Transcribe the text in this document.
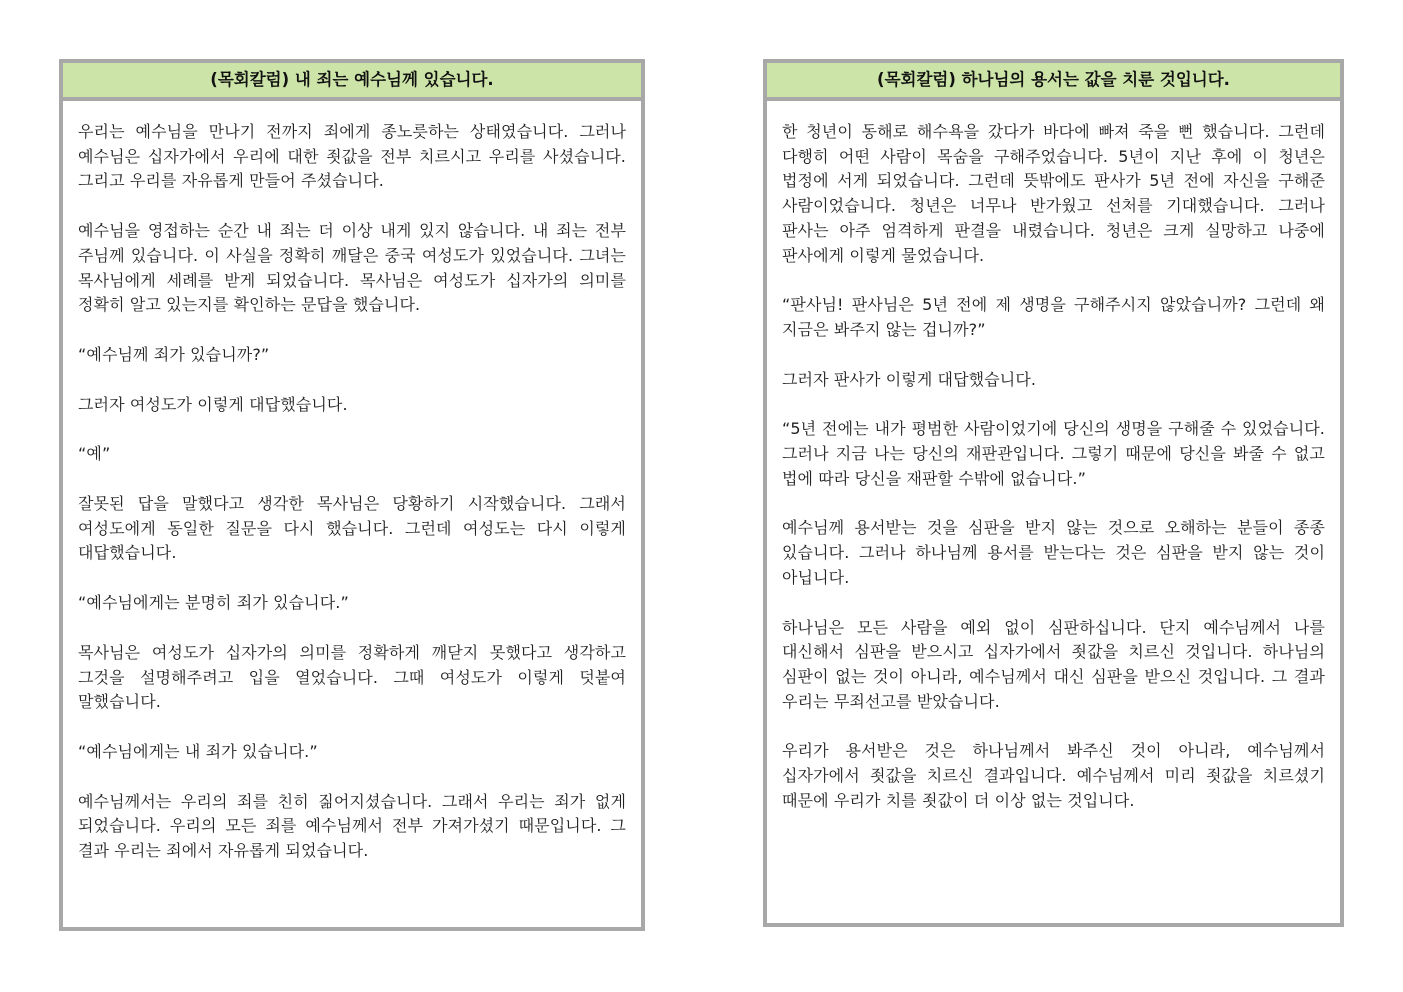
(목회칼럼) 내 죄는 예수님께 있습니다.

우리는 예수님을 만나기 전까지 죄에게 종노릇하는 상태였습니다. 그러나 예수님은 십자가에서 우리에 대한 죗값을 전부 치르시고 우리를 사셨습니다. 그리고 우리를 자유롭게 만들어 주셨습니다.

예수님을 영접하는 순간 내 죄는 더 이상 내게 있지 않습니다. 내 죄는 전부 주님께 있습니다. 이 사실을 정확히 깨달은 중국 여성도가 있었습니다. 그녀는 목사님에게 세례를 받게 되었습니다. 목사님은 여성도가 십자가의 의미를 정확히 알고 있는지를 확인하는 문답을 했습니다.

“예수님께 죄가 있습니까?”

그러자 여성도가 이렇게 대답했습니다.

“예”

잘못된 답을 말했다고 생각한 목사님은 당황하기 시작했습니다. 그래서 여성도에게 동일한 질문을 다시 했습니다. 그런데 여성도는 다시 이렇게 대답했습니다.

“예수님에게는 분명히 죄가 있습니다.”

목사님은 여성도가 십자가의 의미를 정확하게 깨닫지 못했다고 생각하고 그것을 설명해주려고 입을 열었습니다. 그때 여성도가 이렇게 덧붙여 말했습니다.

“예수님에게는 내 죄가 있습니다.”

예수님께서는 우리의 죄를 친히 짊어지셨습니다. 그래서 우리는 죄가 없게 되었습니다. 우리의 모든 죄를 예수님께서 전부 가져가셨기 때문입니다. 그 결과 우리는 죄에서 자유롭게 되었습니다.

(목회칼럼) 하나님의 용서는 값을 치룬 것입니다.

한 청년이 동해로 해수욕을 갔다가 바다에 빠져 죽을 뻔 했습니다. 그런데 다행히 어떤 사람이 목숨을 구해주었습니다. 5년이 지난 후에 이 청년은 법정에 서게 되었습니다. 그런데 뜻밖에도 판사가 5년 전에 자신을 구해준 사람이었습니다. 청년은 너무나 반가웠고 선처를 기대했습니다. 그러나 판사는 아주 엄격하게 판결을 내렸습니다. 청년은 크게 실망하고 나중에 판사에게 이렇게 물었습니다.

“판사님! 판사님은 5년 전에 제 생명을 구해주시지 않았습니까? 그런데 왜 지금은 봐주지 않는 겁니까?”

그러자 판사가 이렇게 대답했습니다.

“5년 전에는 내가 평범한 사람이었기에 당신의 생명을 구해줄 수 있었습니다. 그러나 지금 나는 당신의 재판관입니다. 그렇기 때문에 당신을 봐줄 수 없고 법에 따라 당신을 재판할 수밖에 없습니다.”

예수님께 용서받는 것을 심판을 받지 않는 것으로 오해하는 분들이 종종 있습니다. 그러나 하나님께 용서를 받는다는 것은 심판을 받지 않는 것이 아닙니다.

하나님은 모든 사람을 예외 없이 심판하십니다. 단지 예수님께서 나를 대신해서 심판을 받으시고 십자가에서 죗값을 치르신 것입니다. 하나님의 심판이 없는 것이 아니라, 예수님께서 대신 심판을 받으신 것입니다. 그 결과 우리는 무죄선고를 받았습니다.

우리가 용서받은 것은 하나님께서 봐주신 것이 아니라, 예수님께서 십자가에서 죗값을 치르신 결과입니다. 예수님께서 미리 죗값을 치르셨기 때문에 우리가 치를 죗값이 더 이상 없는 것입니다.
